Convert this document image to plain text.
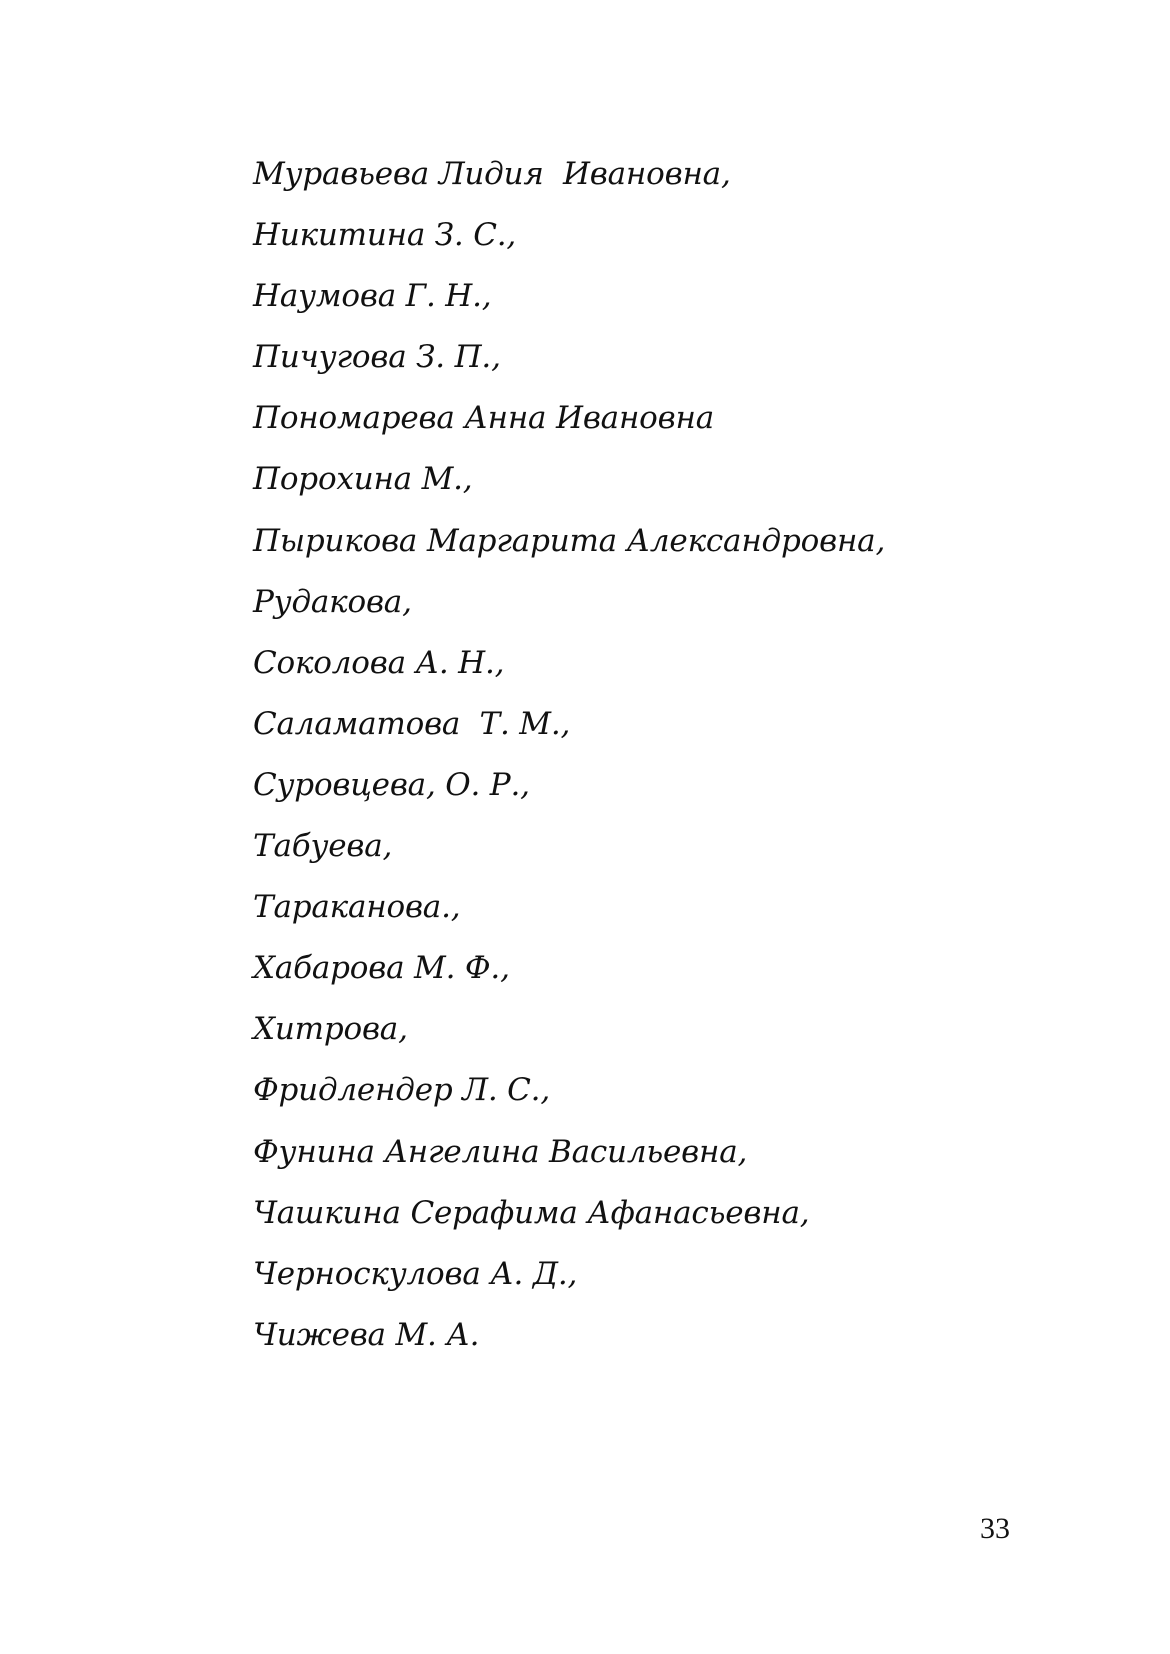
Муравьева Лидия  Ивановна,
Никитина З. С.,
Наумова Г. Н.,
Пичугова З. П.,
Пономарева Анна Ивановна
Порохина М.,
Пырикова Маргарита Александровна,
Рудакова,
Соколова А. Н.,
Саламатова  Т. М.,
Суровцева, О. Р.,
Табуева,
Тараканова.,
Хабарова М. Ф.,
Хитрова,
Фридлендер Л. С.,
Фунина Ангелина Васильевна,
Чашкина Серафима Афанасьевна,
Черноскулова А. Д.,
Чижева М. А.
33
